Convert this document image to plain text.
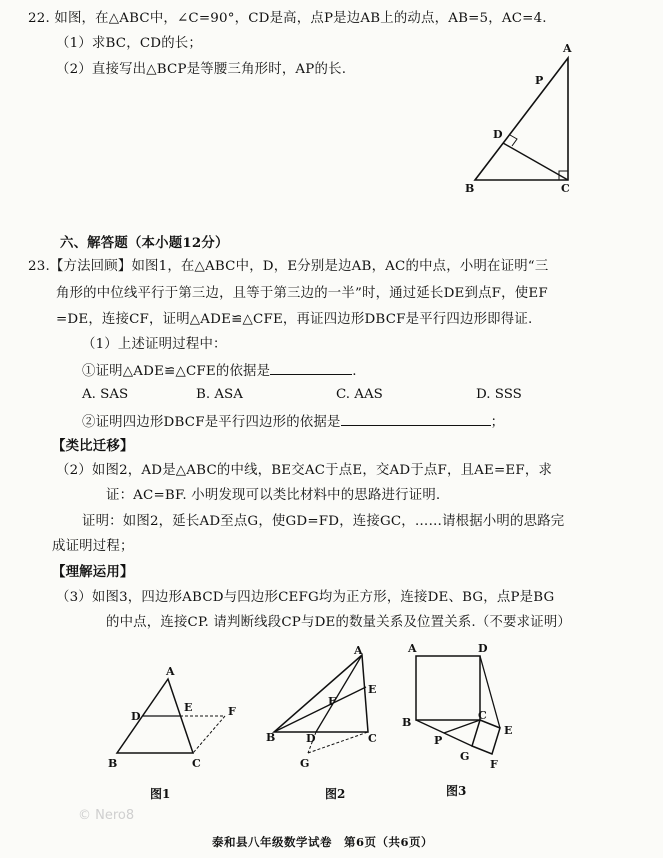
22. 如图，在△ABC中，∠C=90°，CD是高，点P是边AB上的动点，AB=5，AC=4.
（1）求BC，CD的长；
（2）直接写出△BCP是等腰三角形时，AP的长.
A
P
D
B	C
六、解答题（本小题12分）
23.【方法回顾】如图1，在△ABC中，D，E分别是边AB，AC的中点，小明在证明“三
角形的中位线平行于第三边，且等于第三边的一半”时，通过延长DE到点F，使EF
=DE，连接CF，证明△ADE≌△CFE，再证四边形DBCF是平行四边形即得证.
（1）上述证明过程中：
①证明△ADE≌△CFE的依据是	.
A. SAS	B. ASA	C. AAS	D. SSS
②证明四边形DBCF是平行四边形的依据是	；
【类比迁移】
（2）如图2，AD是△ABC的中线，BE交AC于点E，交AD于点F，且AE=EF，求
证：AC=BF. 小明发现可以类比材料中的思路进行证明.
证明：如图2，延长AD至点G，使GD=FD，连接GC，……请根据小明的思路完
成证明过程；
【理解运用】
（3）如图3，四边形ABCD与四边形CEFG均为正方形，连接DE、BG，点P是BG
的中点，连接CP. 请判断线段CP与DE的数量关系及位置关系.（不要求证明）
A
D
E	F
B	C
图1
A
E
F
B	D	C
G
图2
A	D
B
C
E
P
G
F
图3
© Nero8
泰和县八年级数学试卷　第6页（共6页）
